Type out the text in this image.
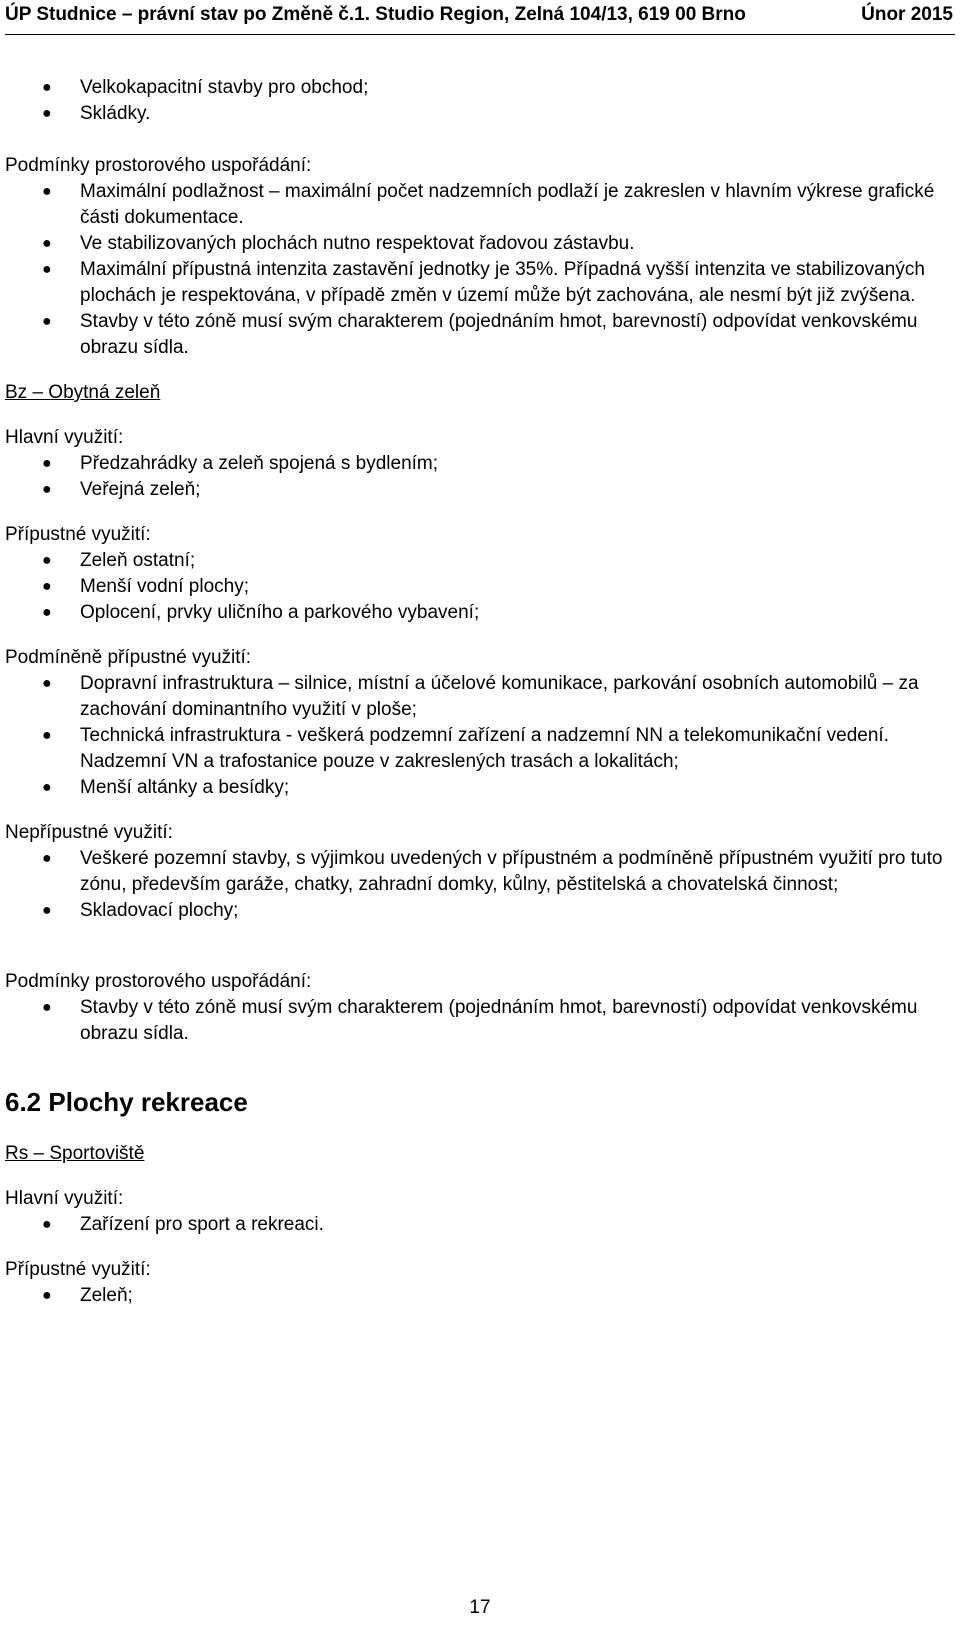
ÚP Studnice – právní stav po Změně č.1. Studio Region, Zelná 104/13, 619 00 Brno	Únor 2015
● Velkokapacitní stavby pro obchod;
● Skládky.
Podmínky prostorového uspořádání:
● Maximální podlažnost – maximální počet nadzemních podlaží je zakreslen v hlavním výkrese grafické části dokumentace.
● Ve stabilizovaných plochách nutno respektovat řadovou zástavbu.
● Maximální přípustná intenzita zastavění jednotky je 35%. Případná vyšší intenzita ve stabilizovaných plochách je respektována, v případě změn v území může být zachována, ale nesmí být již zvýšena.
● Stavby v této zóně musí svým charakterem (pojednáním hmot, barevností) odpovídat venkovskému obrazu sídla.
Bz – Obytná zeleň
Hlavní využití:
● Předzahrádky a zeleň spojená s bydlením;
● Veřejná zeleň;
Přípustné využití:
● Zeleň ostatní;
● Menší vodní plochy;
● Oplocení, prvky uličního a parkového vybavení;
Podmíněně přípustné využití:
● Dopravní infrastruktura – silnice, místní a účelové komunikace, parkování osobních automobilů – za zachování dominantního využití v ploše;
● Technická infrastruktura - veškerá podzemní zařízení a nadzemní NN a telekomunikační vedení. Nadzemní VN a trafostanice pouze v zakreslených trasách a lokalitách;
● Menší altánky a besídky;
Nepřípustné využití:
● Veškeré pozemní stavby, s výjimkou uvedených v přípustném a podmíněně přípustném využití pro tuto zónu, především garáže, chatky, zahradní domky, kůlny, pěstitelská a chovatelská činnost;
● Skladovací plochy;
Podmínky prostorového uspořádání:
● Stavby v této zóně musí svým charakterem (pojednáním hmot, barevností) odpovídat venkovskému obrazu sídla.
6.2 Plochy rekreace
Rs – Sportoviště
Hlavní využití:
● Zařízení pro sport a rekreaci.
Přípustné využití:
● Zeleň;
17
